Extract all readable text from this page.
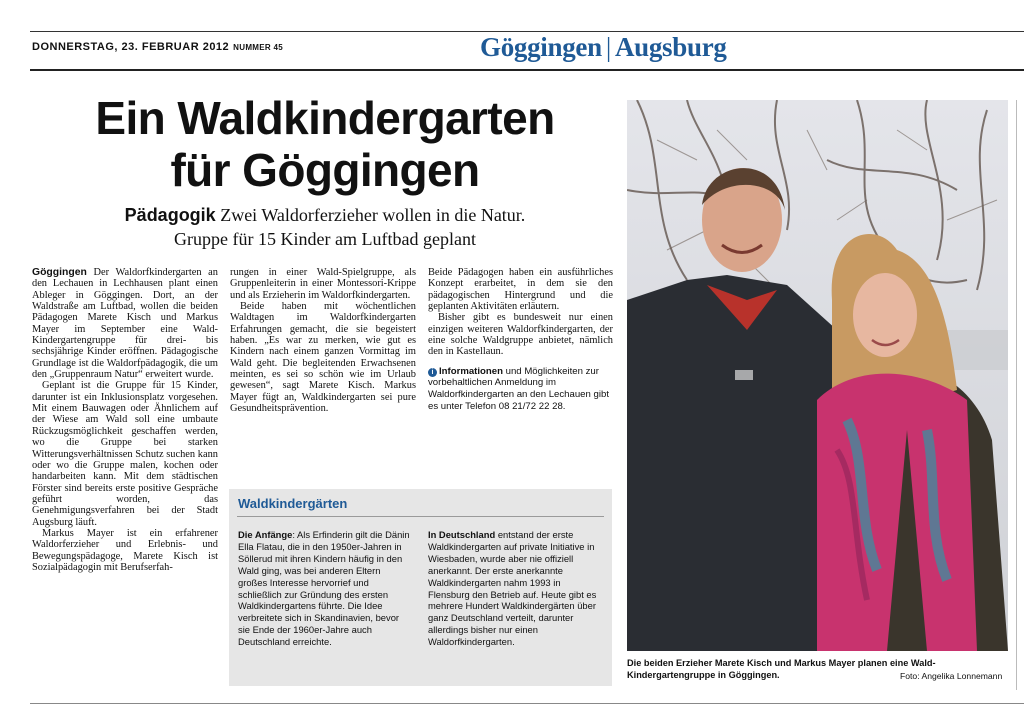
DONNERSTAG, 23. FEBRUAR 2012 NUMMER 45	Göggingen | Augsburg
Ein Waldkindergarten
für Göggingen
Pädagogik Zwei Waldorferzieher wollen in die Natur.
Gruppe für 15 Kinder am Luftbad geplant

Göggingen Der Waldorfkindergarten an den Lechauen in Lechhausen plant einen Ableger in Göggingen. Dort, an der Waldstraße am Luftbad, wollen die beiden Pädagogen Marete Kisch und Markus Mayer im September eine Wald-Kindergartengruppe für drei- bis sechsjährige Kinder eröffnen. Pädagogische Grundlage ist die Waldorfpädagogik, die um den „Gruppenraum Natur“ erweitert wurde.

Geplant ist die Gruppe für 15 Kinder, darunter ist ein Inklusionsplatz vorgesehen. Mit einem Bauwagen oder Ähnlichem auf der Wiese am Wald soll eine umbaute Rückzugsmöglichkeit geschaffen werden, wo die Gruppe bei starken Witterungsverhältnissen Schutz suchen kann oder wo die Gruppe malen, kochen oder handarbeiten kann. Mit dem städtischen Förster sind bereits erste positive Gespräche geführt worden, das Genehmigungsverfahren bei der Stadt Augsburg läuft.

Markus Mayer ist ein erfahrener Waldorferzieher und Erlebnis- und Bewegungspädagoge, Marete Kisch ist Sozialpädagogin mit Berufserfah-

rungen in einer Wald-Spielgruppe, als Gruppenleiterin in einer Montessori-Krippe und als Erzieherin im Waldorfkindergarten.

Beide haben mit wöchentlichen Waldtagen im Waldorfkindergarten Erfahrungen gemacht, die sie begeistert haben. „Es war zu merken, wie gut es Kindern nach einem ganzen Vormittag im Wald geht. Die begleitenden Erwachsenen meinten, es sei so schön wie im Urlaub gewesen“, sagt Marete Kisch. Markus Mayer fügt an, Waldkindergarten sei pure Gesundheitsprävention.

Beide Pädagogen haben ein ausführliches Konzept erarbeitet, in dem sie den pädagogischen Hintergrund und die geplanten Aktivitäten erläutern.

Bisher gibt es bundesweit nur einen einzigen weiteren Waldorfkindergarten, der eine solche Waldgruppe anbietet, nämlich den in Kastellaun.

i Informationen und Möglichkeiten zur vorbehaltlichen Anmeldung im Waldorfkindergarten an den Lechauen gibt es unter Telefon 08 21/72 22 28.
Waldkindergärten
Die Anfänge: Als Erfinderin gilt die Dänin Ella Flatau, die in den 1950er-Jahren in Söllerud mit ihren Kindern häufig in den Wald ging, was bei anderen Eltern großes Interesse hervorrief und schließlich zur Gründung des ersten Waldkindergartens führte. Die Idee verbreitete sich in Skandinavien, bevor sie Ende der 1960er-Jahre auch Deutschland erreichte.
In Deutschland entstand der erste Waldkindergarten auf private Initiative in Wiesbaden, wurde aber nie offiziell anerkannt. Der erste anerkannte Waldkindergarten nahm 1993 in Flensburg den Betrieb auf. Heute gibt es mehrere Hundert Waldkindergärten über ganz Deutschland verteilt, darunter allerdings bisher nur einen Waldorfkindergarten.
Die beiden Erzieher Marete Kisch und Markus Mayer planen eine Wald-Kindergartengruppe in Göggingen.	Foto: Angelika Lonnemann
